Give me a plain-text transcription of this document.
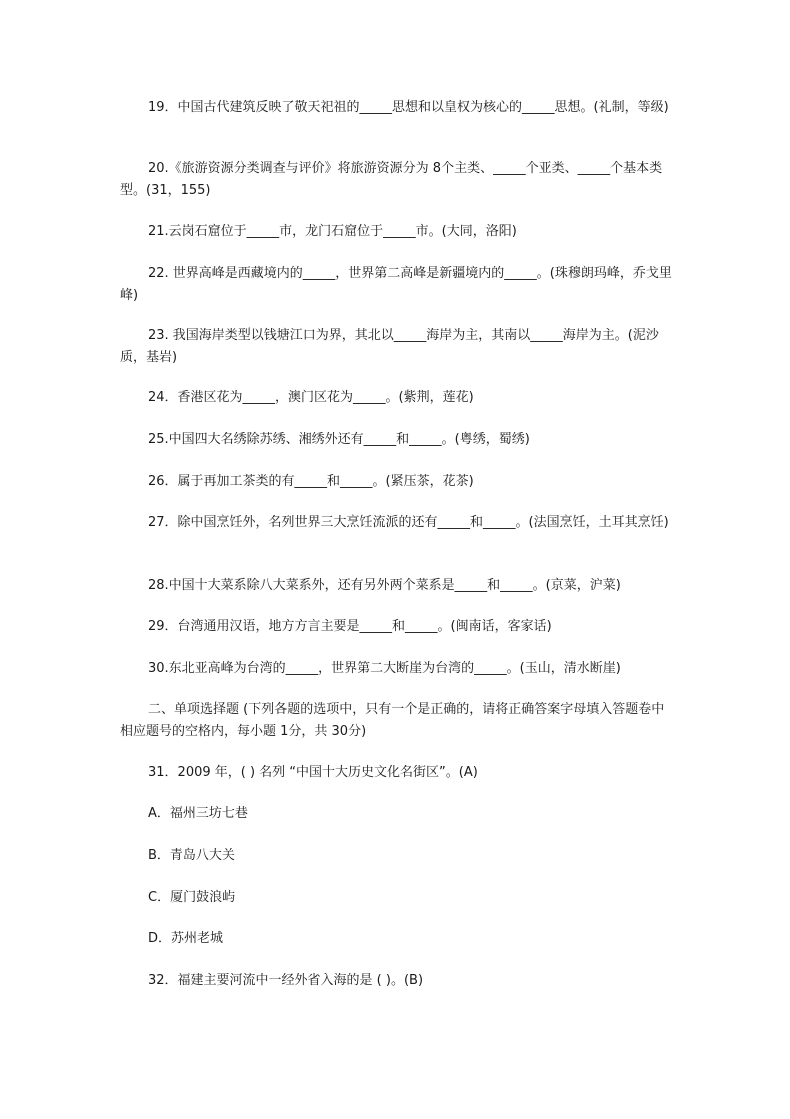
19．中国古代建筑反映了敬天祀祖的_____思想和以皇权为核心的_____思想。(礼制，等级)

20.《旅游资源分类调查与评价》将旅游资源分为 8个主类、_____个亚类、_____个基本类型。(31，155)

21.云岗石窟位于_____市，龙门石窟位于_____市。(大同，洛阳)

22. 世界高峰是西藏境内的_____，世界第二高峰是新疆境内的_____。(珠穆朗玛峰，乔戈里峰)

23. 我国海岸类型以钱塘江口为界，其北以_____海岸为主，其南以_____海岸为主。(泥沙质，基岩)

24．香港区花为_____，澳门区花为_____。(紫荆，莲花)

25.中国四大名绣除苏绣、湘绣外还有_____和_____。(粤绣，蜀绣)

26．属于再加工茶类的有_____和_____。(紧压茶，花茶)

27．除中国烹饪外，名列世界三大烹饪流派的还有_____和_____。(法国烹饪，土耳其烹饪)

28.中国十大菜系除八大菜系外，还有另外两个菜系是_____和_____。(京菜，沪菜)

29．台湾通用汉语，地方方言主要是_____和_____。(闽南话，客家话)

30.东北亚高峰为台湾的_____，世界第二大断崖为台湾的_____。(玉山，清水断崖)

二、单项选择题 (下列各题的选项中，只有一个是正确的，请将正确答案字母填入答题卷中相应题号的空格内，每小题 1分，共 30分)

31．2009 年，( ) 名列 “中国十大历史文化名街区”。(A)

A．福州三坊七巷

B．青岛八大关

C．厦门鼓浪屿

D．苏州老城

32．福建主要河流中一经外省入海的是 ( )。(B)
